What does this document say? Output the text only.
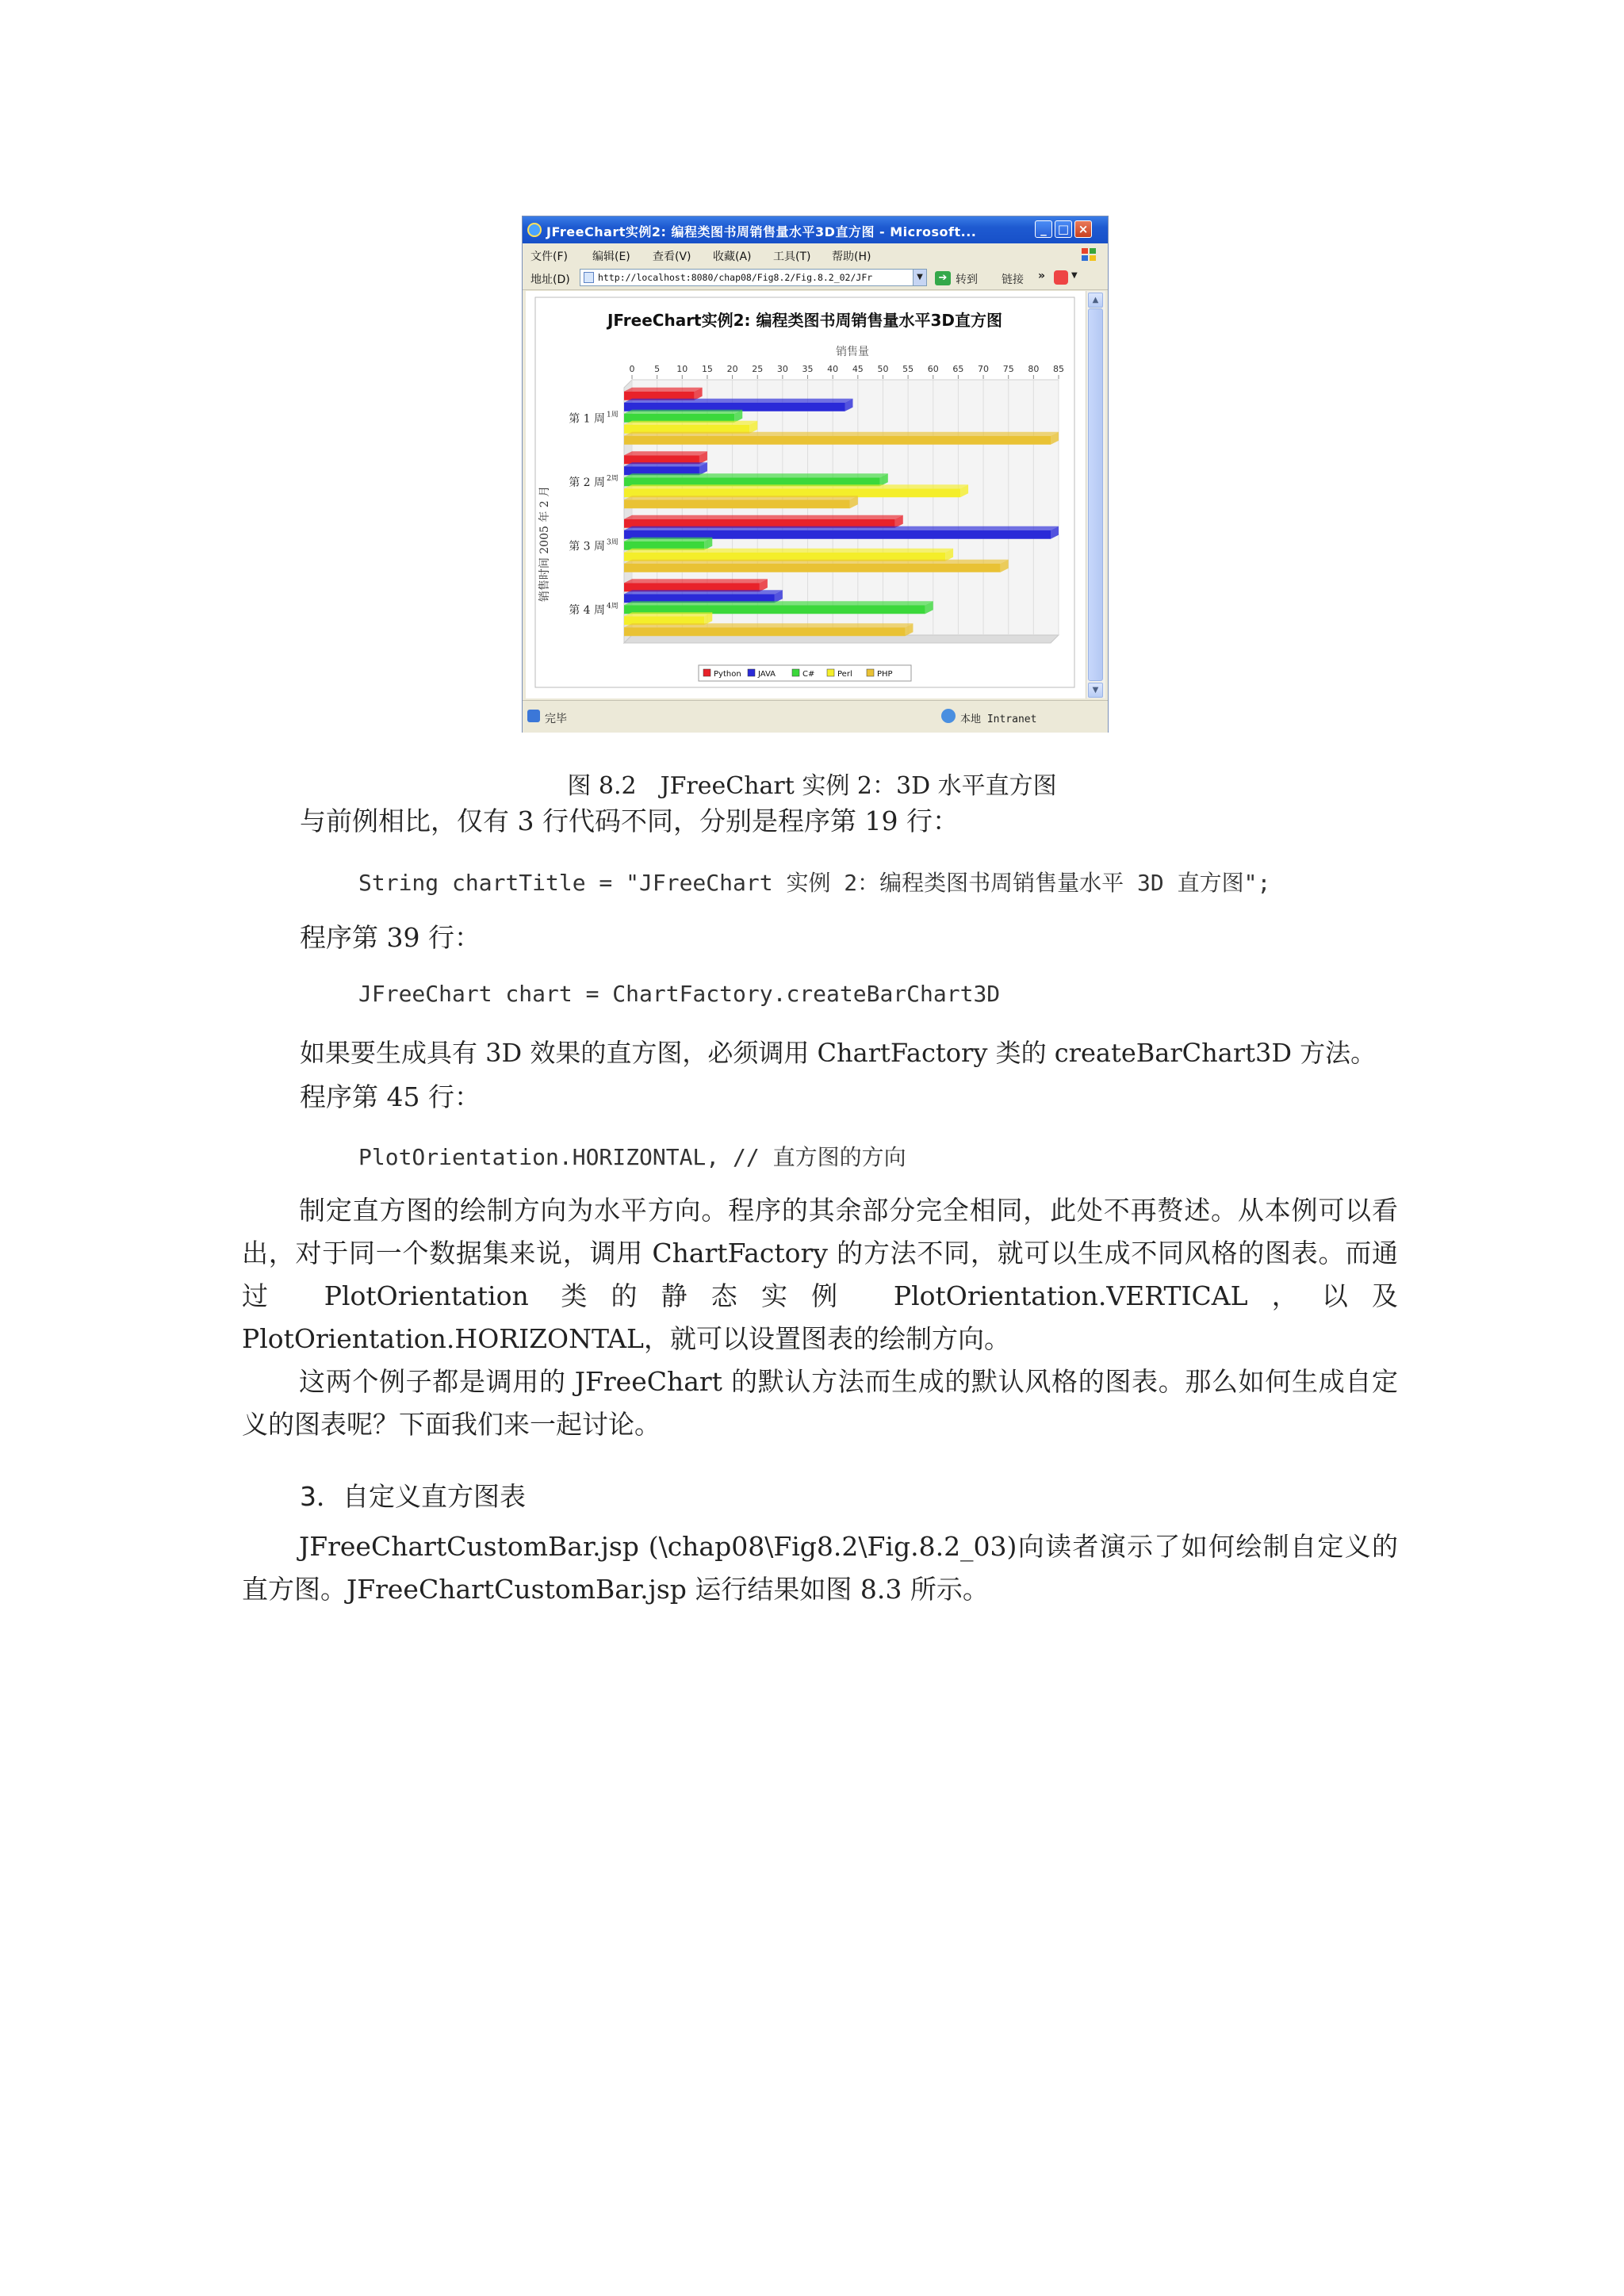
JFreeChart实例2: 编程类图书周销售量水平3D直方图 - Microsoft...	_ □ ×
文件(F) 编辑(E) 查看(V) 收藏(A) 工具(T) 帮助(H)
地址(D)	http://localhost:8080/chap08/Fig8.2/Fig.8.2_02/JFr	▼	➔ 转到 链接 »	▼
JFreeChart实例2: 编程类图书周销售量水平3D直方图
销售量
销售时间 2005 年 2 月
0 5 10 15 20 25 30 35 40 45 50 55 60 65 70 75 80 85
第 1 周 1周
第 2 周 2周
第 3 周 3周
第 4 周 4周
Python JAVA	C#	Perl	PHP
▲
▼
完毕	本地 Intranet
图 8.2　JFreeChart 实例 2：3D 水平直方图
与前例相比，仅有 3 行代码不同，分别是程序第 19 行：
String chartTitle = "JFreeChart 实例 2：编程类图书周销售量水平 3D 直方图";
程序第 39 行：
JFreeChart chart = ChartFactory.createBarChart3D
如果要生成具有 3D 效果的直方图，必须调用 ChartFactory 类的 createBarChart3D 方法。
程序第 45 行：
PlotOrientation.HORIZONTAL, // 直方图的方向
制定直方图的绘制方向为水平方向。程序的其余部分完全相同，此处不再赘述。从本例可以看出，对于同一个数据集来说，调用 ChartFactory 的方法不同，就可以生成不同风格的图表。而通过 PlotOrientation 类的静态实例 PlotOrientation.VERTICAL，以及 PlotOrientation.HORIZONTAL，就可以设置图表的绘制方向。
这两个例子都是调用的 JFreeChart 的默认方法而生成的默认风格的图表。那么如何生成自定义的图表呢？下面我们来一起讨论。
3．自定义直方图表
JFreeChartCustomBar.jsp (\chap08\Fig8.2\Fig.8.2_03)向读者演示了如何绘制自定义的直方图。JFreeChartCustomBar.jsp 运行结果如图 8.3 所示。
